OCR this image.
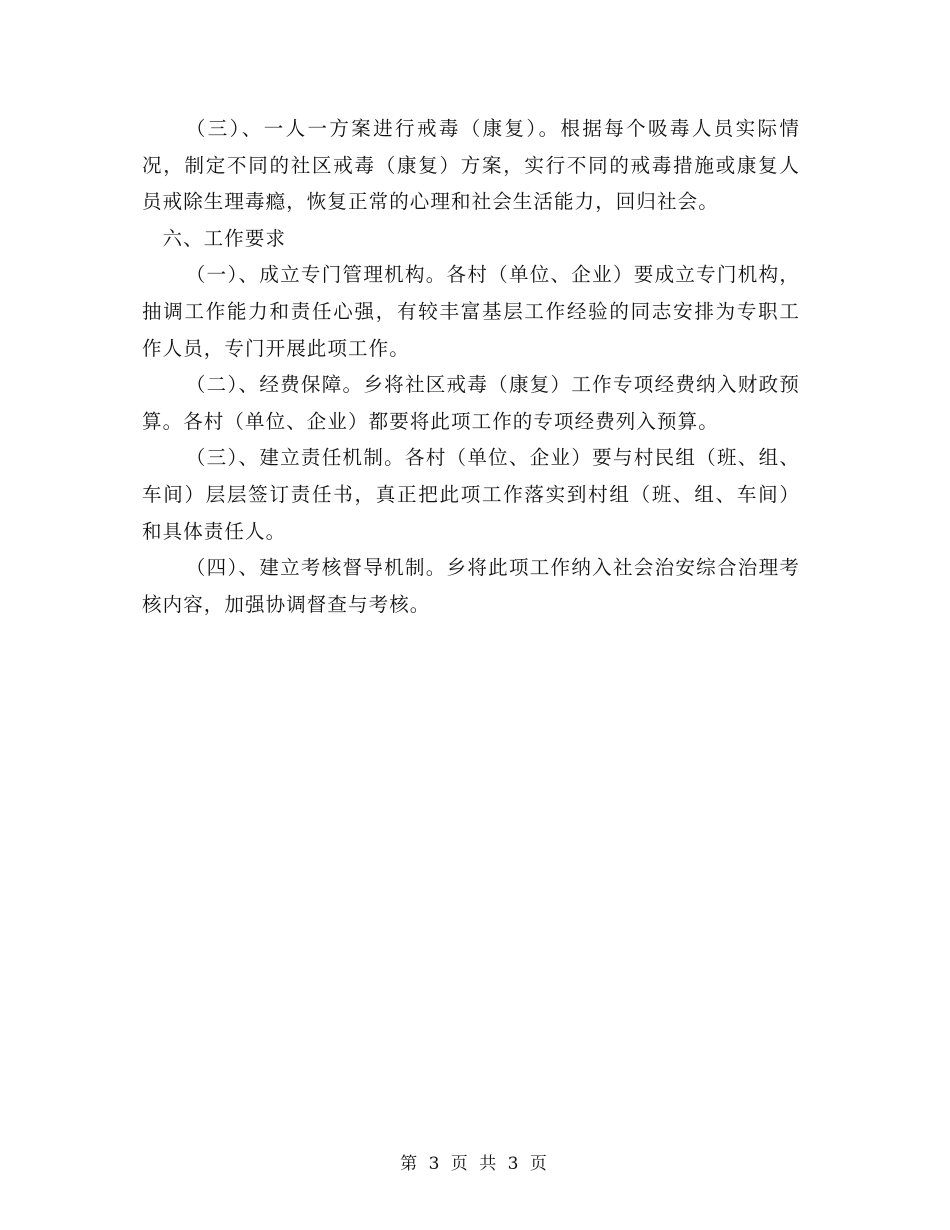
（三）、一人一方案进行戒毒（康复）。根据每个吸毒人员实际情况，制定不同的社区戒毒（康复）方案，实行不同的戒毒措施或康复人员戒除生理毒瘾，恢复正常的心理和社会生活能力，回归社会。

六、工作要求

（一）、成立专门管理机构。各村（单位、企业）要成立专门机构，抽调工作能力和责任心强，有较丰富基层工作经验的同志安排为专职工作人员，专门开展此项工作。

（二）、经费保障。乡将社区戒毒（康复）工作专项经费纳入财政预算。各村（单位、企业）都要将此项工作的专项经费列入预算。

（三）、建立责任机制。各村（单位、企业）要与村民组（班、组、车间）层层签订责任书，真正把此项工作落实到村组（班、组、车间）和具体责任人。

（四）、建立考核督导机制。乡将此项工作纳入社会治安综合治理考核内容，加强协调督查与考核。

第 3 页 共 3 页
